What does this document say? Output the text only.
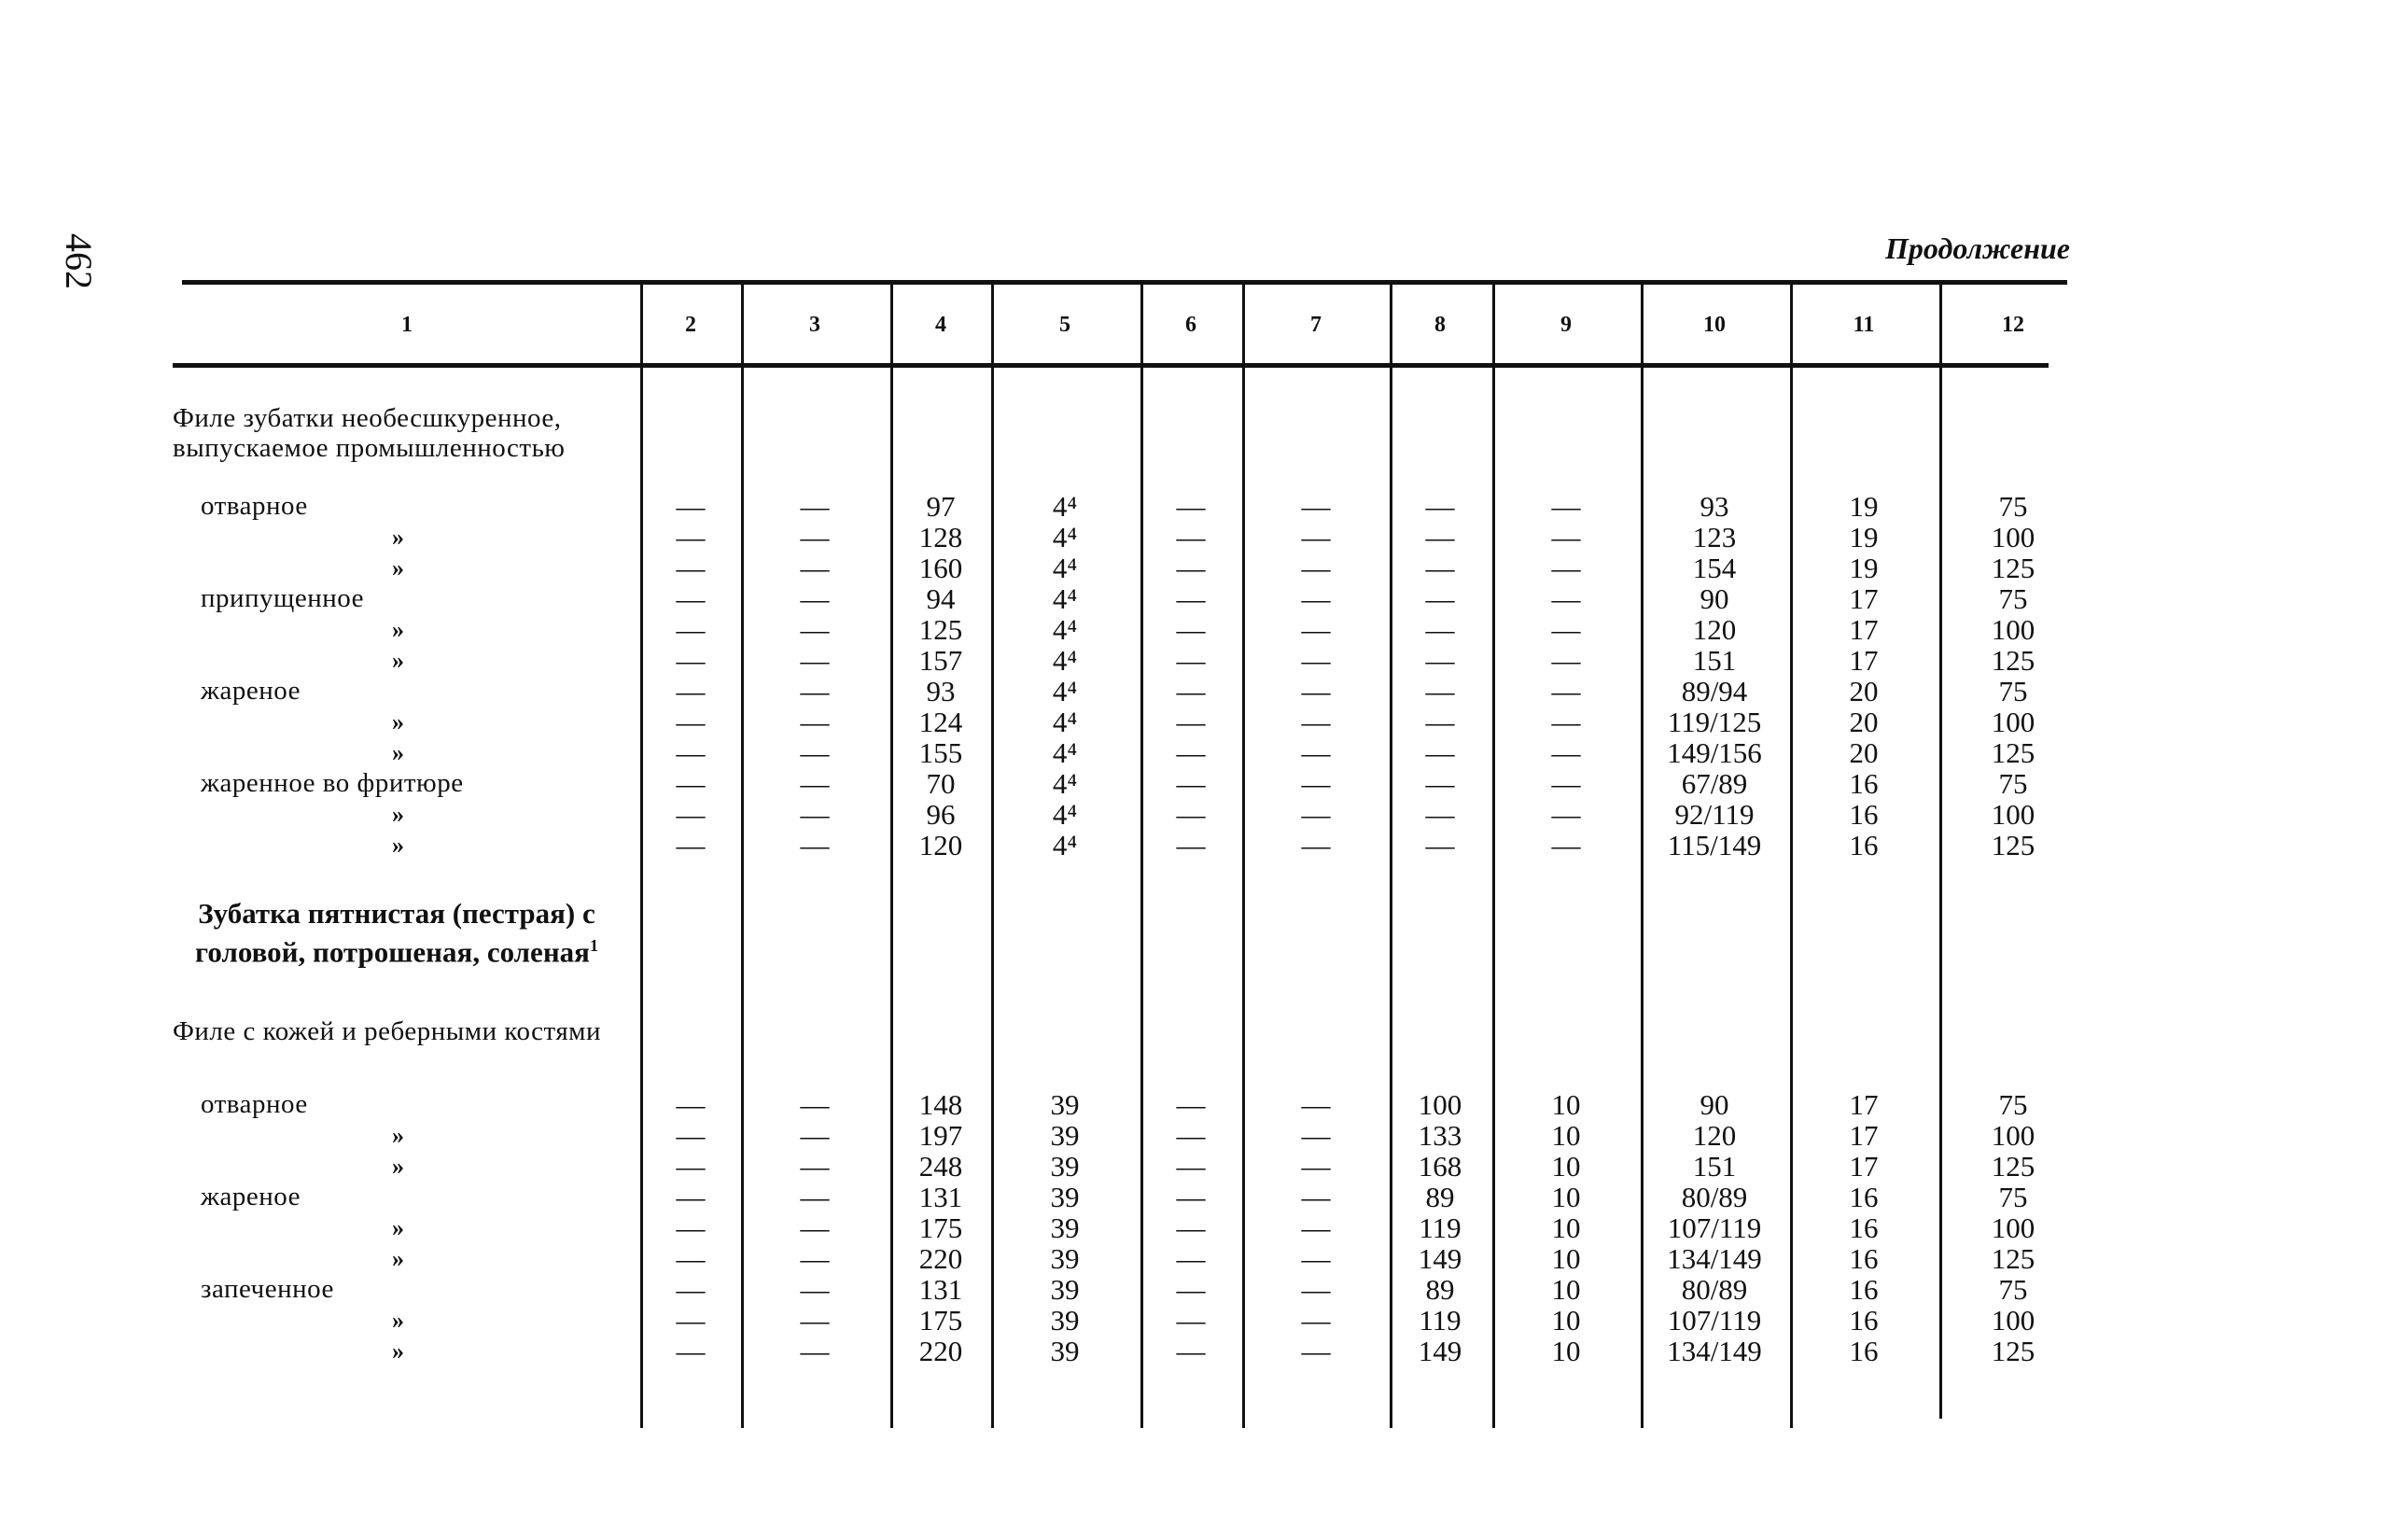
462	Продолжение
1	2	3	4	5	6	7	8	9	10	11	12
Филе зубатки необесшкуренное, выпускаемое промышленностью
Зубатка пятнистая (пестрая) с головой, потрошеная, соленая$^1$
Филе с кожей и реберными костями
отварное	—	—	97	4⁴	—	—	—	—	93	19	75
»	—	—	128	4⁴	—	—	—	—	123	19	100
»	—	—	160	4⁴	—	—	—	—	154	19	125
припущенное	—	—	94	4⁴	—	—	—	—	90	17	75
»	—	—	125	4⁴	—	—	—	—	120	17	100
»	—	—	157	4⁴	—	—	—	—	151	17	125
жареное	—	—	93	4⁴	—	—	—	—	89/94	20	75
»	—	—	124	4⁴	—	—	—	—	119/125	20	100
»	—	—	155	4⁴	—	—	—	—	149/156	20	125
жаренное во фритюре	—	—	70	4⁴	—	—	—	—	67/89	16	75
»	—	—	96	4⁴	—	—	—	—	92/119	16	100
»	—	—	120	4⁴	—	—	—	—	115/149	16	125
отварное	—	—	148	39	—	—	100	10	90	17	75
»	—	—	197	39	—	—	133	10	120	17	100
»	—	—	248	39	—	—	168	10	151	17	125
жареное	—	—	131	39	—	—	89	10	80/89	16	75
»	—	—	175	39	—	—	119	10	107/119	16	100
»	—	—	220	39	—	—	149	10	134/149	16	125
запеченное	—	—	131	39	—	—	89	10	80/89	16	75
»	—	—	175	39	—	—	119	10	107/119	16	100
»	—	—	220	39	—	—	149	10	134/149	16	125
